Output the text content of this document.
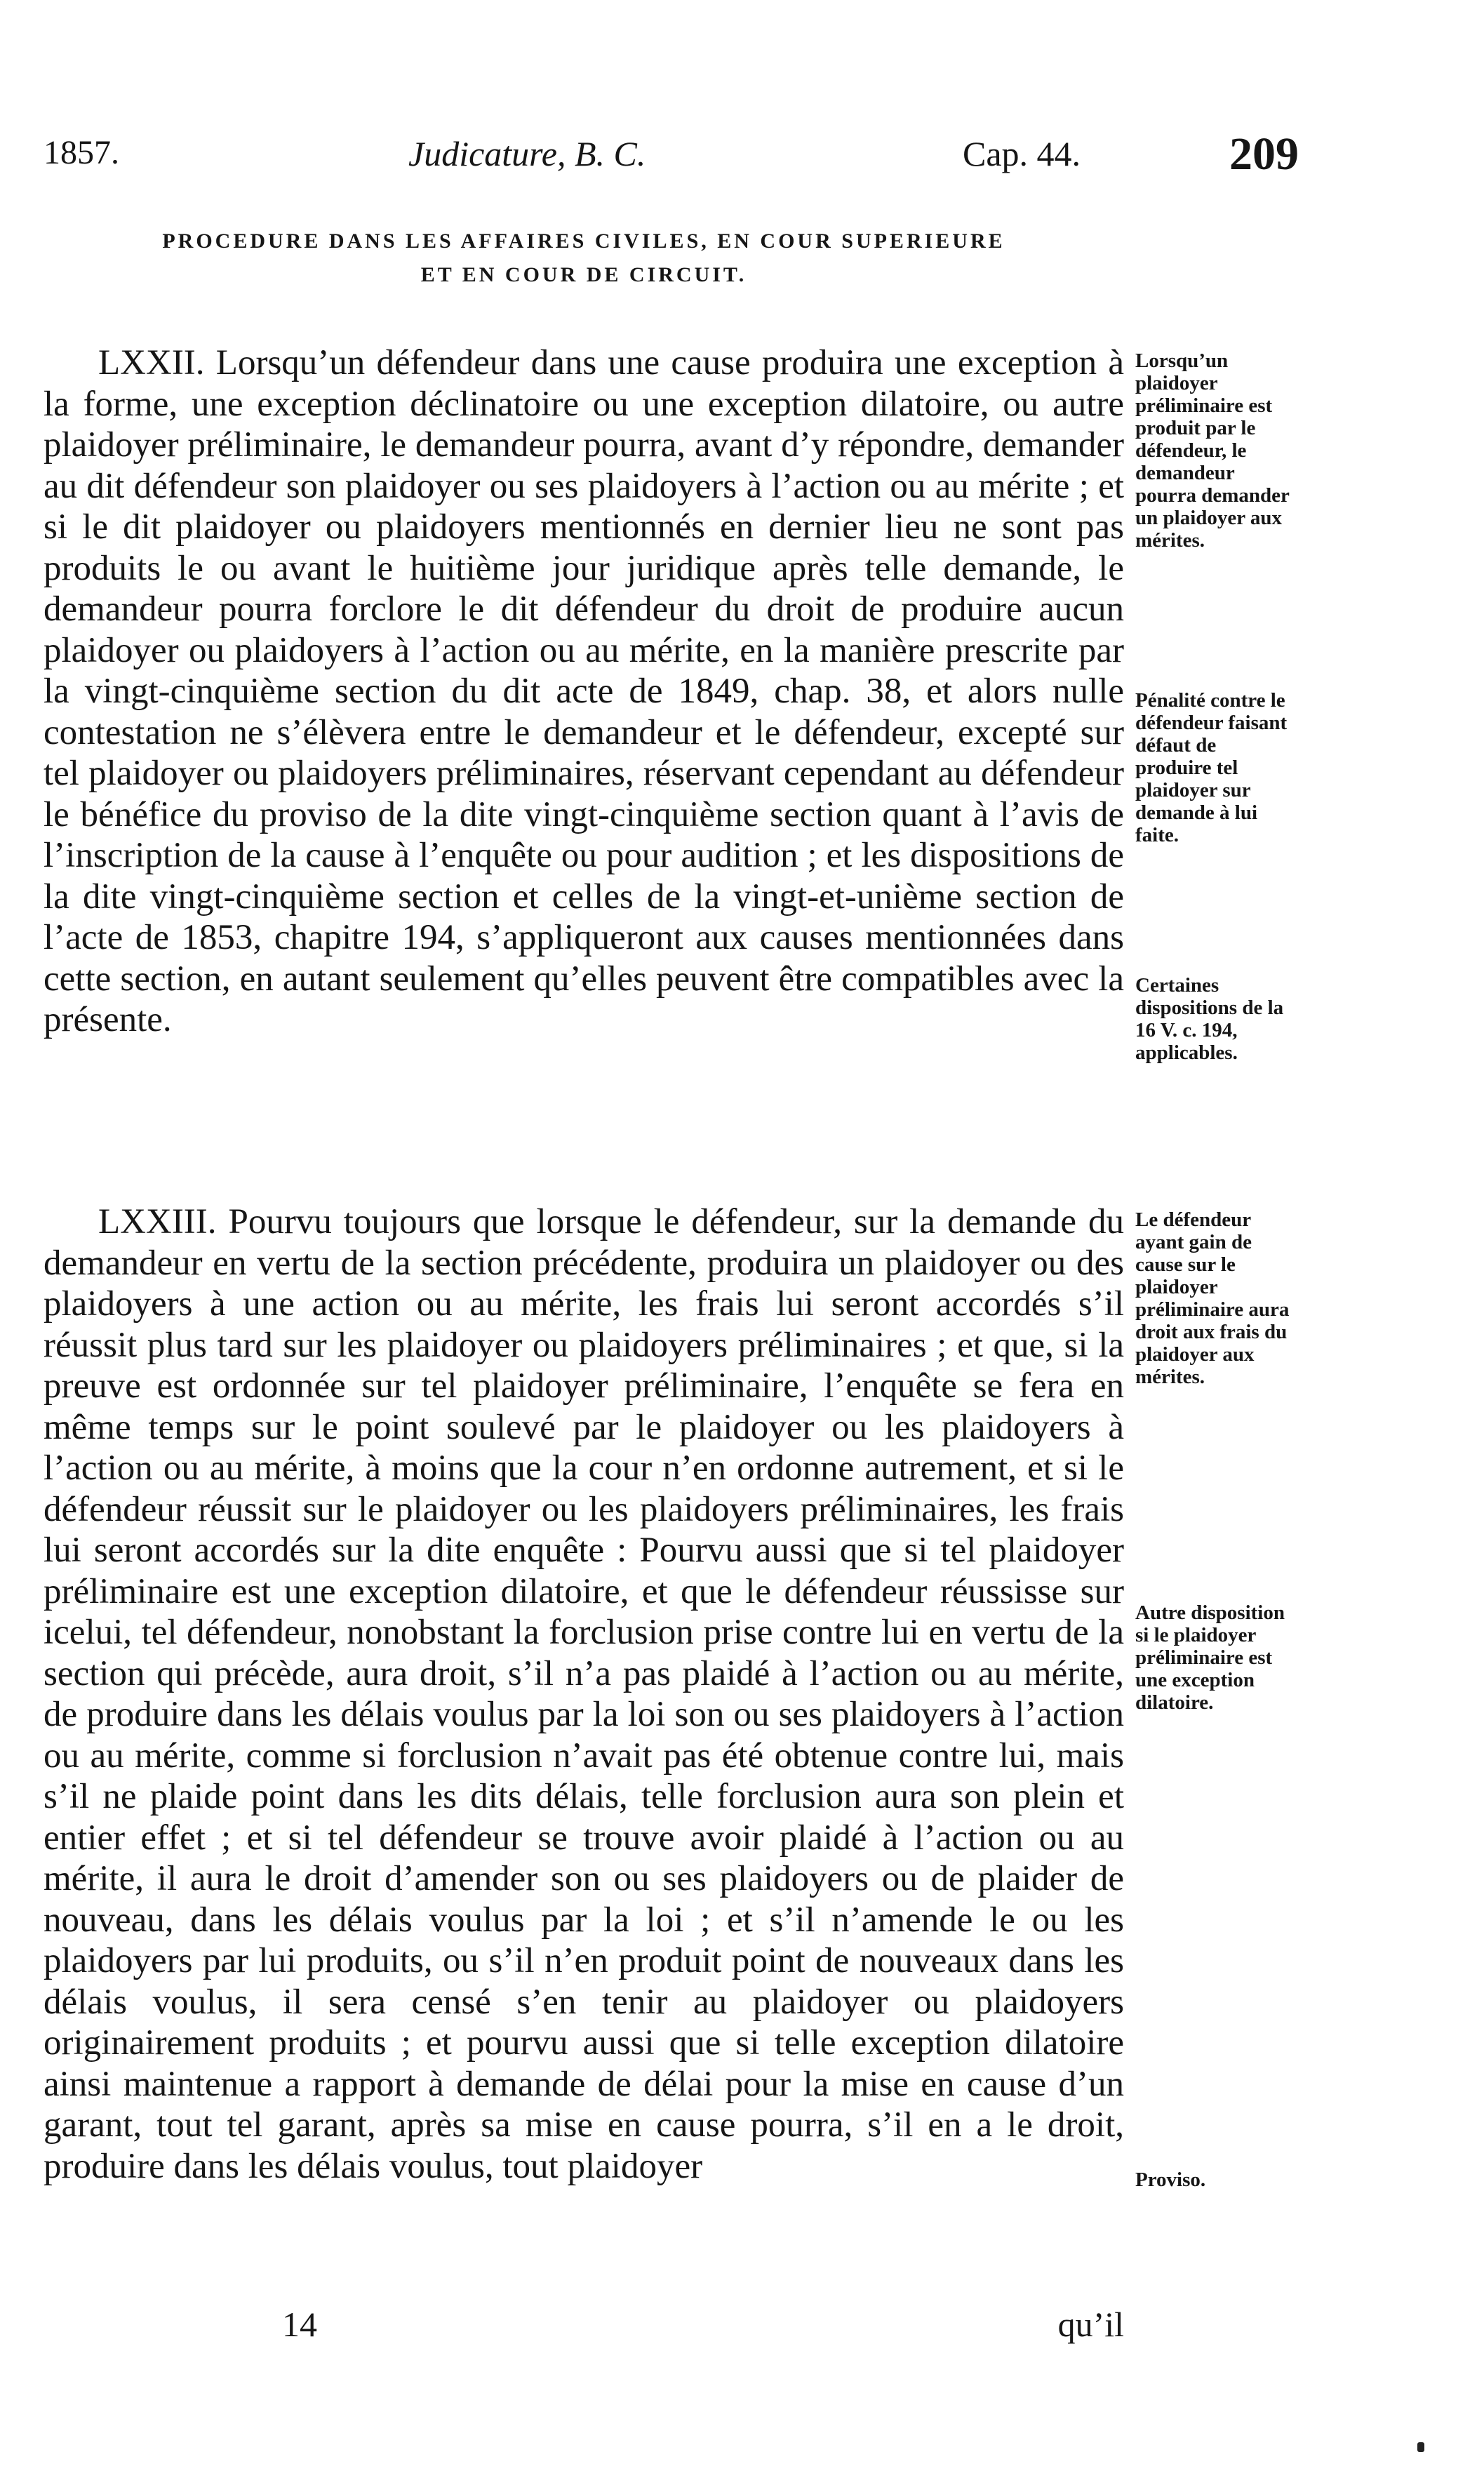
1857.	Judicature, B. C.	Cap. 44.	209
PROCEDURE DANS LES AFFAIRES CIVILES, EN COUR SUPERIEURE
ET EN COUR DE CIRCUIT.

LXXII. Lorsqu’un défendeur dans une cause produira une exception à la forme, une exception déclinatoire ou une exception dilatoire, ou autre plaidoyer préliminaire, le demandeur pourra, avant d’y répondre, demander au dit défendeur son plaidoyer ou ses plaidoyers à l’action ou au mérite ; et si le dit plaidoyer ou plaidoyers mentionnés en dernier lieu ne sont pas produits le ou avant le huitième jour juridique après telle demande, le demandeur pourra forclore le dit défendeur du droit de produire aucun plaidoyer ou plaidoyers à l’action ou au mérite, en la manière prescrite par la vingt-cinquième section du dit acte de 1849, chap. 38, et alors nulle contestation ne s’élèvera entre le demandeur et le défendeur, excepté sur tel plaidoyer ou plaidoyers préliminaires, réservant cependant au défendeur le bénéfice du proviso de la dite vingt-cinquième section quant à l’avis de l’inscription de la cause à l’enquête ou pour audition ; et les dispositions de la dite vingt-cinquième section et celles de la vingt-et-unième section de l’acte de 1853, chapitre 194, s’appliqueront aux causes mentionnées dans cette section, en autant seulement qu’elles peuvent être compatibles avec la présente.

LXXIII. Pourvu toujours que lorsque le défendeur, sur la demande du demandeur en vertu de la section précédente, produira un plaidoyer ou des plaidoyers à une action ou au mérite, les frais lui seront accordés s’il réussit plus tard sur les plaidoyer ou plaidoyers préliminaires ; et que, si la preuve est ordonnée sur tel plaidoyer préliminaire, l’enquête se fera en même temps sur le point soulevé par le plaidoyer ou les plaidoyers à l’action ou au mérite, à moins que la cour n’en ordonne autrement, et si le défendeur réussit sur le plaidoyer ou les plaidoyers préliminaires, les frais lui seront accordés sur la dite enquête : Pourvu aussi que si tel plaidoyer préliminaire est une exception dilatoire, et que le défendeur réussisse sur icelui, tel défendeur, nonobstant la forclusion prise contre lui en vertu de la section qui précède, aura droit, s’il n’a pas plaidé à l’action ou au mérite, de produire dans les délais voulus par la loi son ou ses plaidoyers à l’action ou au mérite, comme si forclusion n’avait pas été obtenue contre lui, mais s’il ne plaide point dans les dits délais, telle forclusion aura son plein et entier effet ; et si tel défendeur se trouve avoir plaidé à l’action ou au mérite, il aura le droit d’amender son ou ses plaidoyers ou de plaider de nouveau, dans les délais voulus par la loi ; et s’il n’amende le ou les plaidoyers par lui produits, ou s’il n’en produit point de nouveaux dans les délais voulus, il sera censé s’en tenir au plaidoyer ou plaidoyers originairement produits ; et pourvu aussi que si telle exception dilatoire ainsi maintenue a rapport à demande de délai pour la mise en cause d’un garant, tout tel garant, après sa mise en cause pourra, s’il en a le droit, produire dans les délais voulus, tout plaidoyer

Lorsqu’un plaidoyer préliminaire est produit par le défendeur, le demandeur pourra demander un plaidoyer aux mérites.
Pénalité contre le défendeur faisant défaut de produire tel plaidoyer sur demande à lui faite.
Certaines dispositions de la 16 V. c. 194, applicables.
Le défendeur ayant gain de cause sur le plaidoyer préliminaire aura droit aux frais du plaidoyer aux mérites.
Autre disposition si le plaidoyer préliminaire est une exception dilatoire.
Proviso.
14	qu’il
